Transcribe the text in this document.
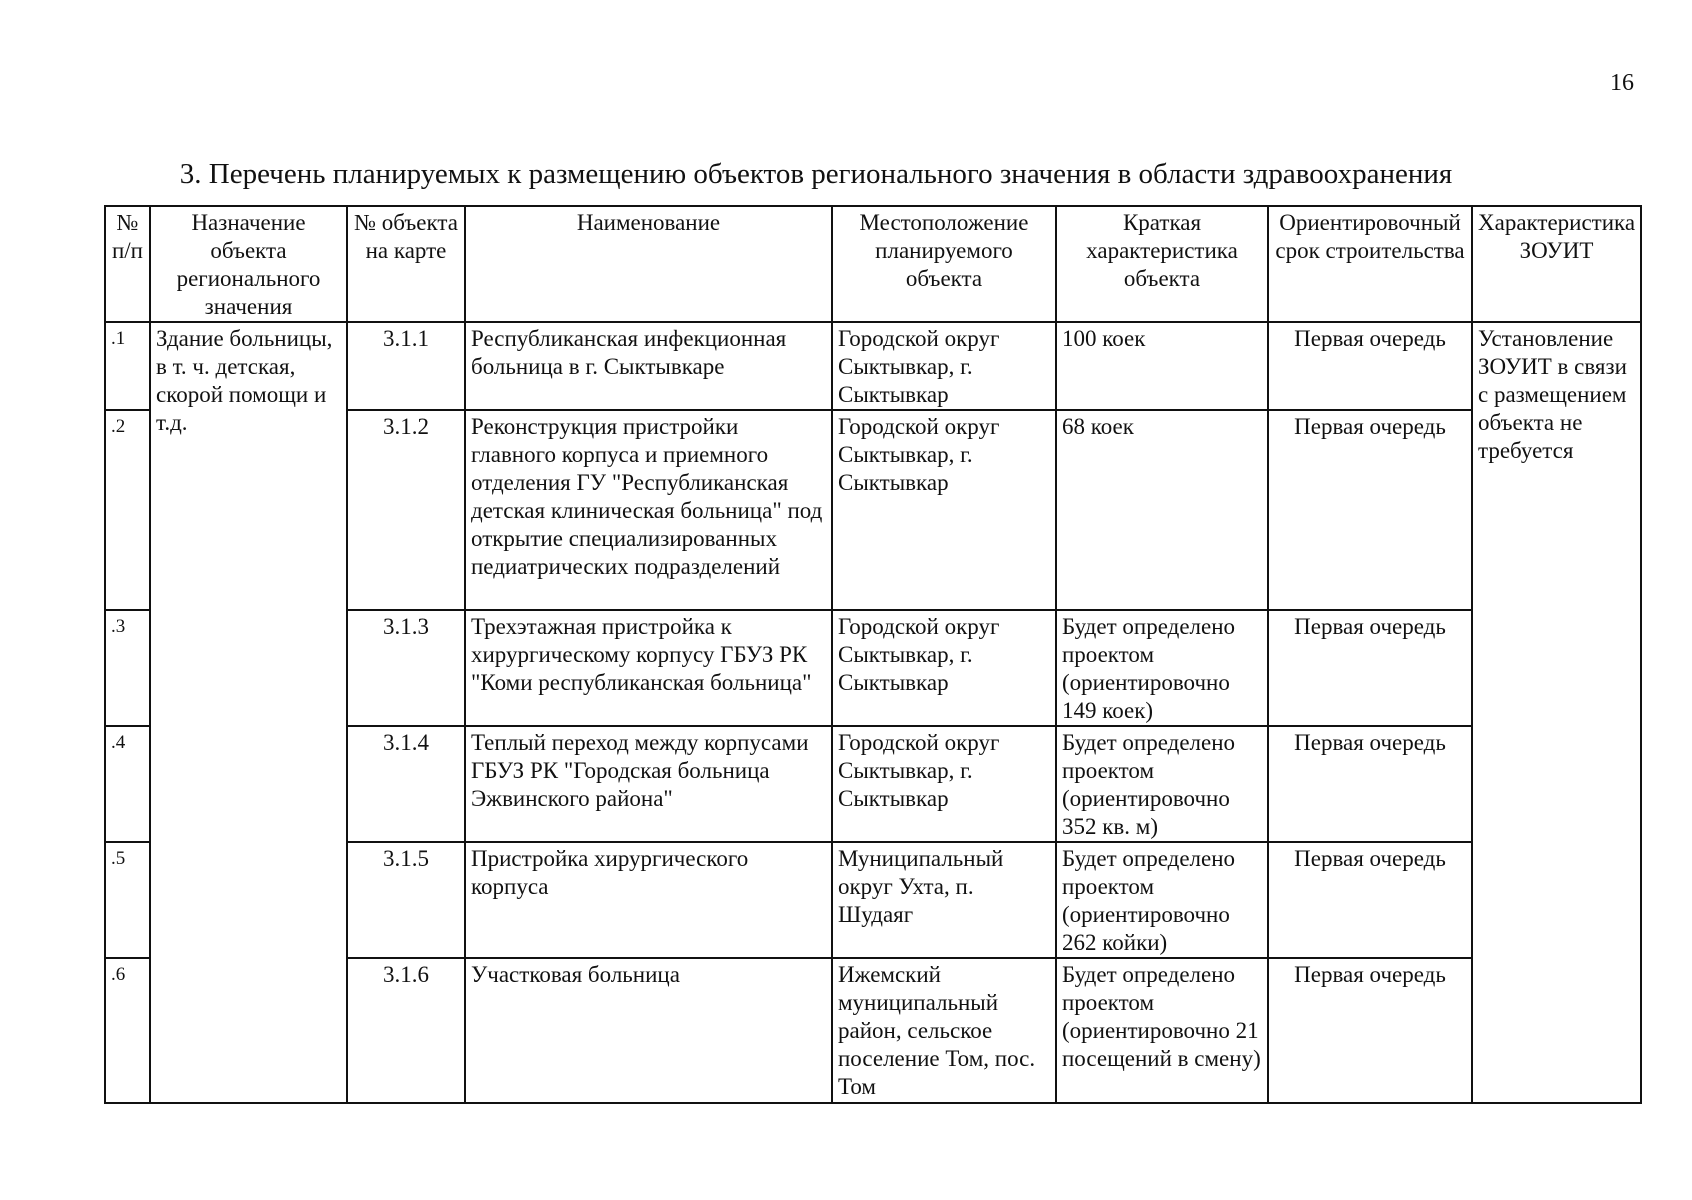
16
3. Перечень планируемых к размещению объектов регионального значения в области здравоохранения
№ п/п	Назначение объекта регионального значения	№ объекта на карте	Наименование	Местоположение планируемого объекта	Краткая характеристика объекта	Ориентировочный срок строительства	Характеристика ЗОУИТ
.1	Здание больницы, в т. ч. детская, скорой помощи и т.д.	3.1.1	Республиканская инфекционная больница в г. Сыктывкаре	Городской округ Сыктывкар, г. Сыктывкар	100 коек	Первая очередь	Установление ЗОУИТ в связи с размещением объекта не требуется
.2		3.1.2	Реконструкция пристройки главного корпуса и приемного отделения ГУ "Республиканская детская клиническая больница" под открытие специализированных педиатрических подразделений	Городской округ Сыктывкар, г. Сыктывкар	68 коек	Первая очередь	
.3		3.1.3	Трехэтажная пристройка к хирургическому корпусу ГБУЗ РК "Коми республиканская больница"	Городской округ Сыктывкар, г. Сыктывкар	Будет определено проектом (ориентировочно 149 коек)	Первая очередь	
.4		3.1.4	Теплый переход между корпусами ГБУЗ РК "Городская больница Эжвинского района"	Городской округ Сыктывкар, г. Сыктывкар	Будет определено проектом (ориентировочно 352 кв. м)	Первая очередь	
.5		3.1.5	Пристройка хирургического корпуса	Муниципальный округ Ухта, п. Шудаяг	Будет определено проектом (ориентировочно 262 койки)	Первая очередь	
.6		3.1.6	Участковая больница	Ижемский муниципальный район, сельское поселение Том, пос. Том	Будет определено проектом (ориентировочно 21 посещений в смену)	Первая очередь	
